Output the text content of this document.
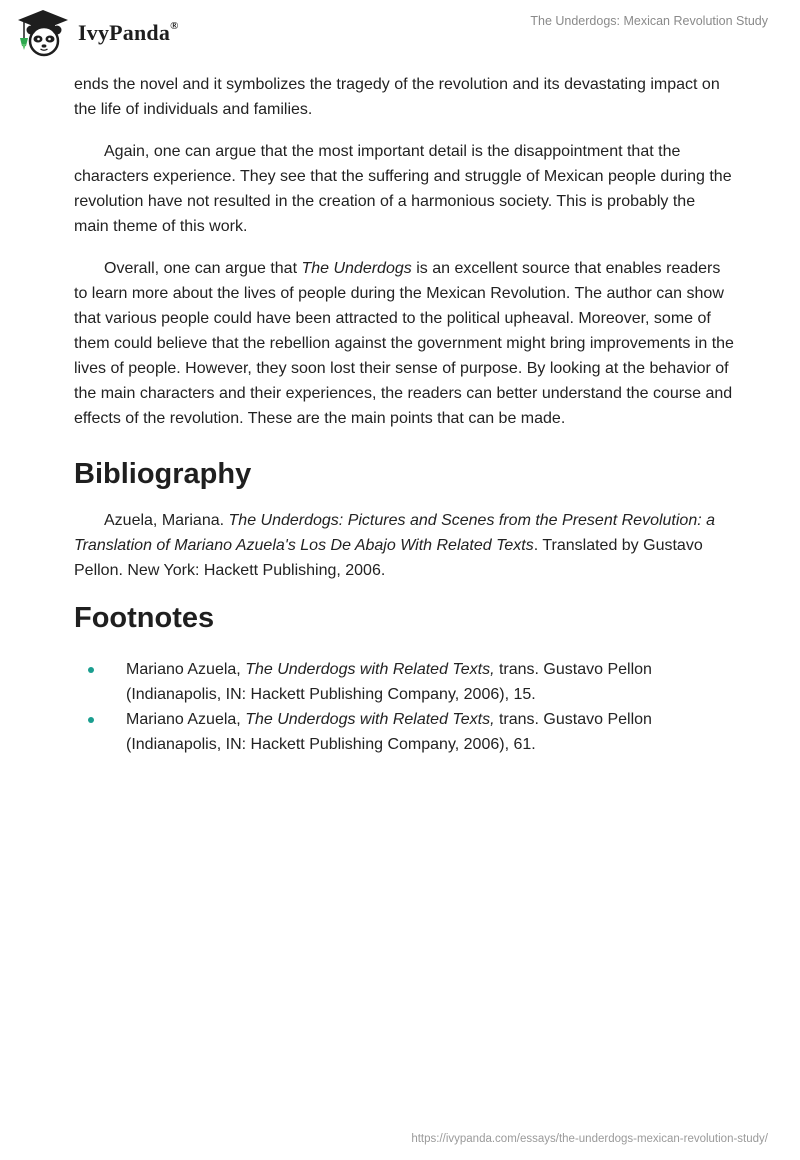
IvyPanda®	The Underdogs: Mexican Revolution Study

ends the novel and it symbolizes the tragedy of the revolution and its devastating impact on the life of individuals and families.

Again, one can argue that the most important detail is the disappointment that the characters experience. They see that the suffering and struggle of Mexican people during the revolution have not resulted in the creation of a harmonious society. This is probably the main theme of this work.

Overall, one can argue that The Underdogs is an excellent source that enables readers to learn more about the lives of people during the Mexican Revolution. The author can show that various people could have been attracted to the political upheaval. Moreover, some of them could believe that the rebellion against the government might bring improvements in the lives of people. However, they soon lost their sense of purpose. By looking at the behavior of the main characters and their experiences, the readers can better understand the course and effects of the revolution. These are the main points that can be made.

Bibliography

Azuela, Mariana. The Underdogs: Pictures and Scenes from the Present Revolution: a Translation of Mariano Azuela's Los De Abajo With Related Texts. Translated by Gustavo Pellon. New York: Hackett Publishing, 2006.

Footnotes
Mariano Azuela, The Underdogs with Related Texts, trans. Gustavo Pellon (Indianapolis, IN: Hackett Publishing Company, 2006), 15.
Mariano Azuela, The Underdogs with Related Texts, trans. Gustavo Pellon (Indianapolis, IN: Hackett Publishing Company, 2006), 61.
https://ivypanda.com/essays/the-underdogs-mexican-revolution-study/
